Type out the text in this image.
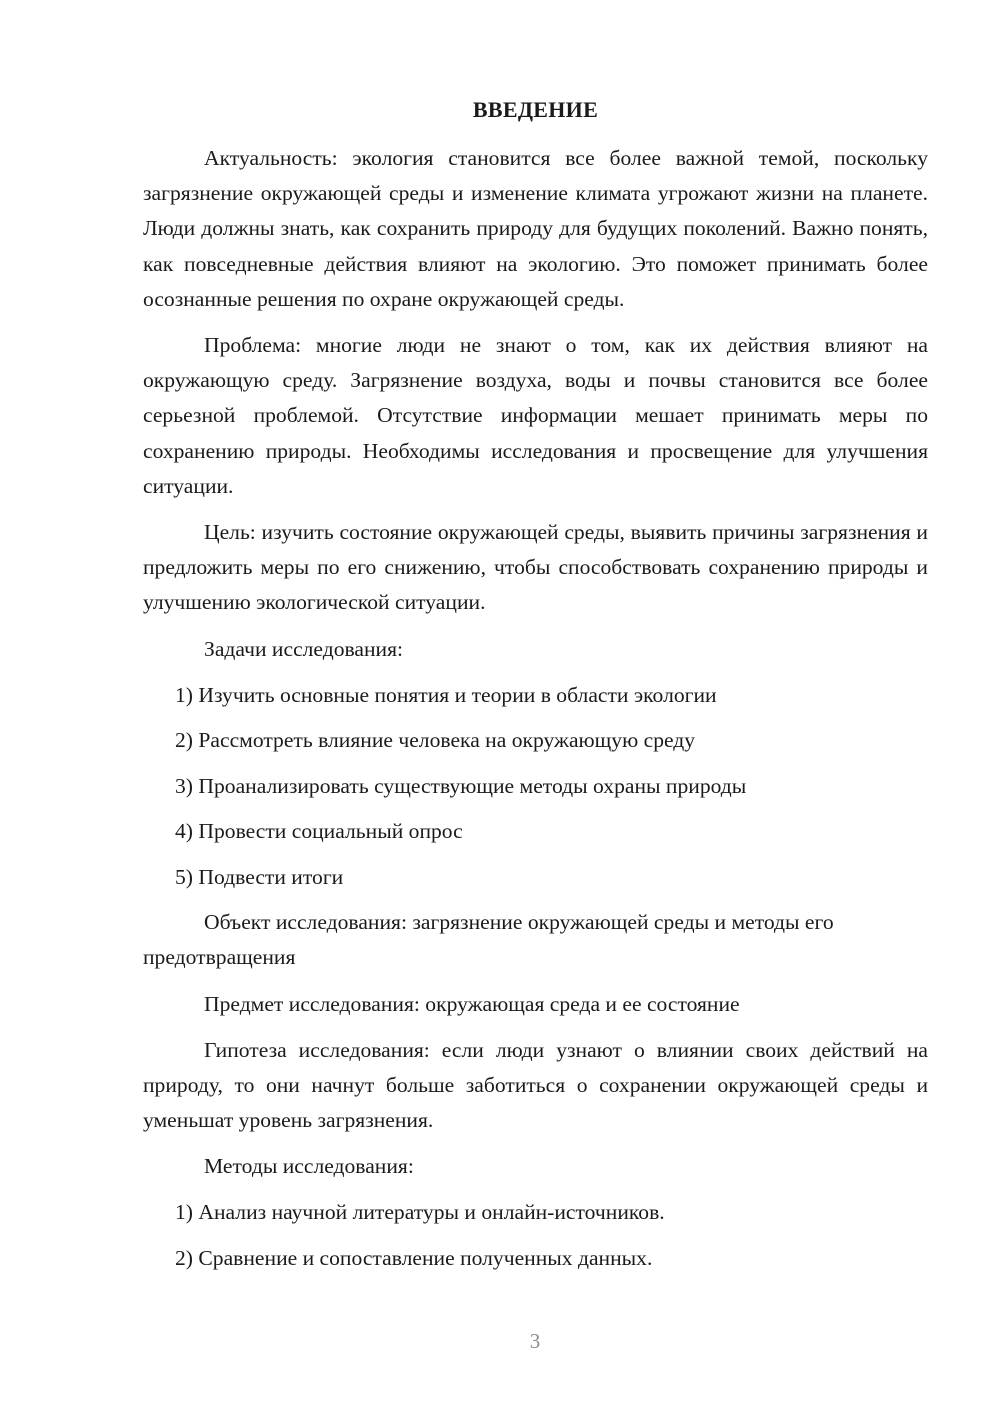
ВВЕДЕНИЕ

Актуальность: экология становится все более важной темой, поскольку загрязнение окружающей среды и изменение климата угрожают жизни на планете. Люди должны знать, как сохранить природу для будущих поколений. Важно понять, как повседневные действия влияют на экологию. Это поможет принимать более осознанные решения по охране окружающей среды.

Проблема: многие люди не знают о том, как их действия влияют на окружающую среду. Загрязнение воздуха, воды и почвы становится все более серьезной проблемой. Отсутствие информации мешает принимать меры по сохранению природы. Необходимы исследования и просвещение для улучшения ситуации.

Цель: изучить состояние окружающей среды, выявить причины загрязнения и предложить меры по его снижению, чтобы способствовать сохранению природы и улучшению экологической ситуации.

Задачи исследования:
1) Изучить основные понятия и теории в области экологии
2) Рассмотреть влияние человека на окружающую среду
3) Проанализировать существующие методы охраны природы
4) Провести социальный опрос
5) Подвести итоги

Объект исследования: загрязнение окружающей среды и методы его предотвращения

Предмет исследования: окружающая среда и ее состояние

Гипотеза исследования: если люди узнают о влиянии своих действий на природу, то они начнут больше заботиться о сохранении окружающей среды и уменьшат уровень загрязнения.

Методы исследования:
1) Анализ научной литературы и онлайн-источников.
2) Сравнение и сопоставление полученных данных.
3
